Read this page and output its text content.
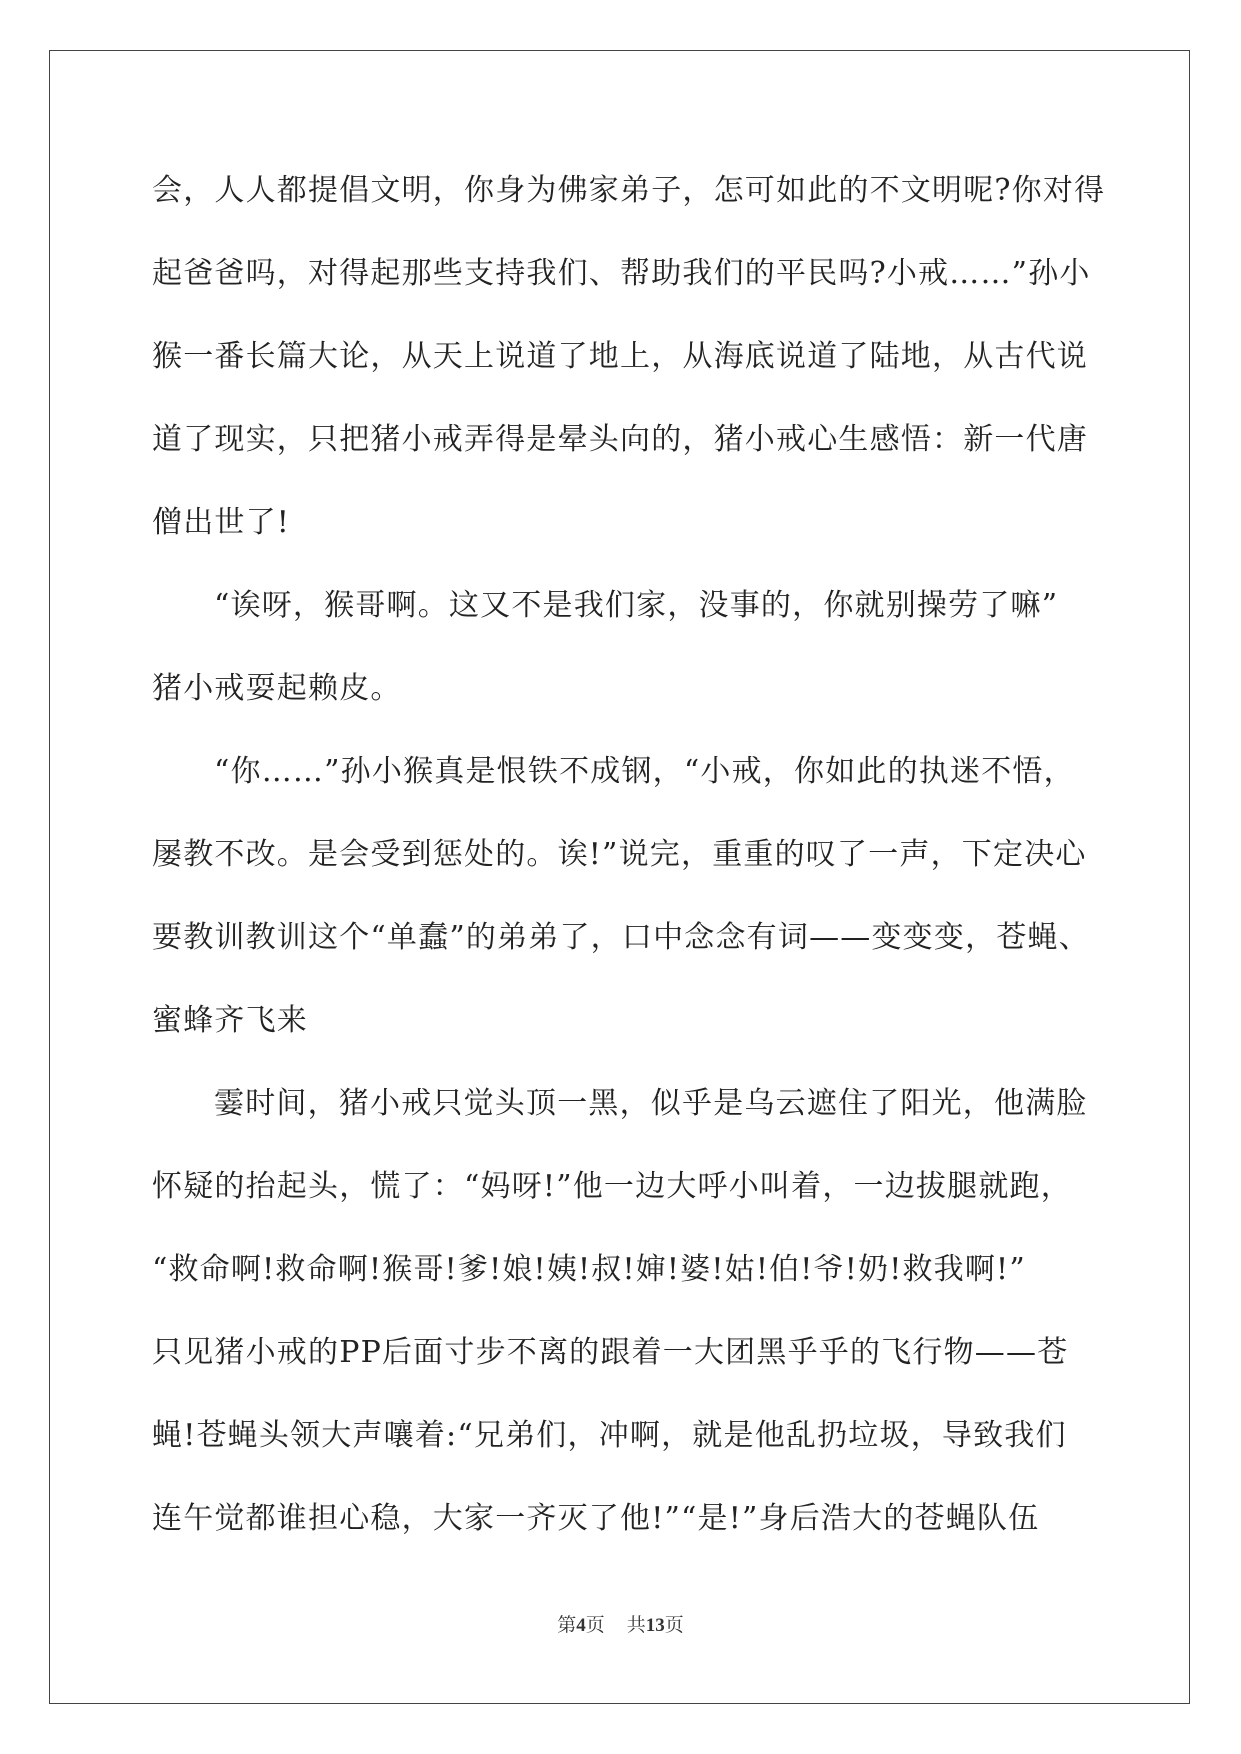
会，人人都提倡文明，你身为佛家弟子，怎可如此的不文明呢?你对得
起爸爸吗，对得起那些支持我们、帮助我们的平民吗?小戒……”孙小
猴一番长篇大论，从天上说道了地上，从海底说道了陆地，从古代说
道了现实，只把猪小戒弄得是晕头向的，猪小戒心生感悟：新一代唐
僧出世了!
“诶呀，猴哥啊。这又不是我们家，没事的，你就别操劳了嘛”
猪小戒耍起赖皮。
“你……”孙小猴真是恨铁不成钢，“小戒，你如此的执迷不悟，
屡教不改。是会受到惩处的。诶!”说完，重重的叹了一声，下定决心
要教训教训这个“单蠢”的弟弟了，口中念念有词——变变变，苍蝇、
蜜蜂齐飞来
霎时间，猪小戒只觉头顶一黑，似乎是乌云遮住了阳光，他满脸
怀疑的抬起头，慌了：“妈呀!”他一边大呼小叫着，一边拔腿就跑，
“救命啊!救命啊!猴哥!爹!娘!姨!叔!婶!婆!姑!伯!爷!奶!救我啊!”
只见猪小戒的PP后面寸步不离的跟着一大团黑乎乎的飞行物——苍
蝇!苍蝇头领大声嚷着:“兄弟们，冲啊，就是他乱扔垃圾，导致我们
连午觉都谁担心稳，大家一齐灭了他!”“是!”身后浩大的苍蝇队伍
第4页 共13页
